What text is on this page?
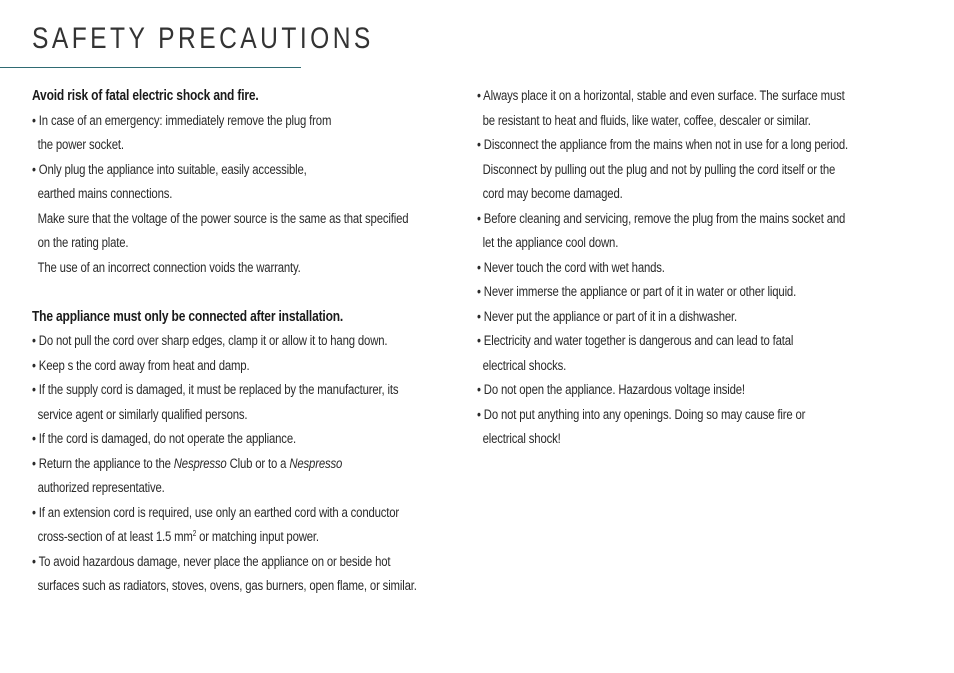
SAFETY PRECAUTIONS
Avoid risk of fatal electric shock and fire.
• In case of an emergency: immediately remove the plug from
the power socket.
• Only plug the appliance into suitable, easily accessible,
earthed mains connections.
Make sure that the voltage of the power source is the same as that specified
on the rating plate.
The use of an incorrect connection voids the warranty.
The appliance must only be connected after installation.
• Do not pull the cord over sharp edges, clamp it or allow it to hang down.
• Keep s the cord away from heat and damp.
• If the supply cord is damaged, it must be replaced by the manufacturer, its
service agent or similarly qualified persons.
• If the cord is damaged, do not operate the appliance.
• Return the appliance to the Nespresso Club or to a Nespresso
authorized representative.
• If an extension cord is required, use only an earthed cord with a conductor
cross-section of at least 1.5 $mm^2$ or matching input power.
• To avoid hazardous damage, never place the appliance on or beside hot
surfaces such as radiators, stoves, ovens, gas burners, open flame, or similar.
• Always place it on a horizontal, stable and even surface. The surface must
be resistant to heat and fluids, like water, coffee, descaler or similar.
• Disconnect the appliance from the mains when not in use for a long period.
Disconnect by pulling out the plug and not by pulling the cord itself or the
cord may become damaged.
• Before cleaning and servicing, remove the plug from the mains socket and
let the appliance cool down.
• Never touch the cord with wet hands.
• Never immerse the appliance or part of it in water or other liquid.
• Never put the appliance or part of it in a dishwasher.
• Electricity and water together is dangerous and can lead to fatal
electrical shocks.
• Do not open the appliance. Hazardous voltage inside!
• Do not put anything into any openings. Doing so may cause fire or
electrical shock!
